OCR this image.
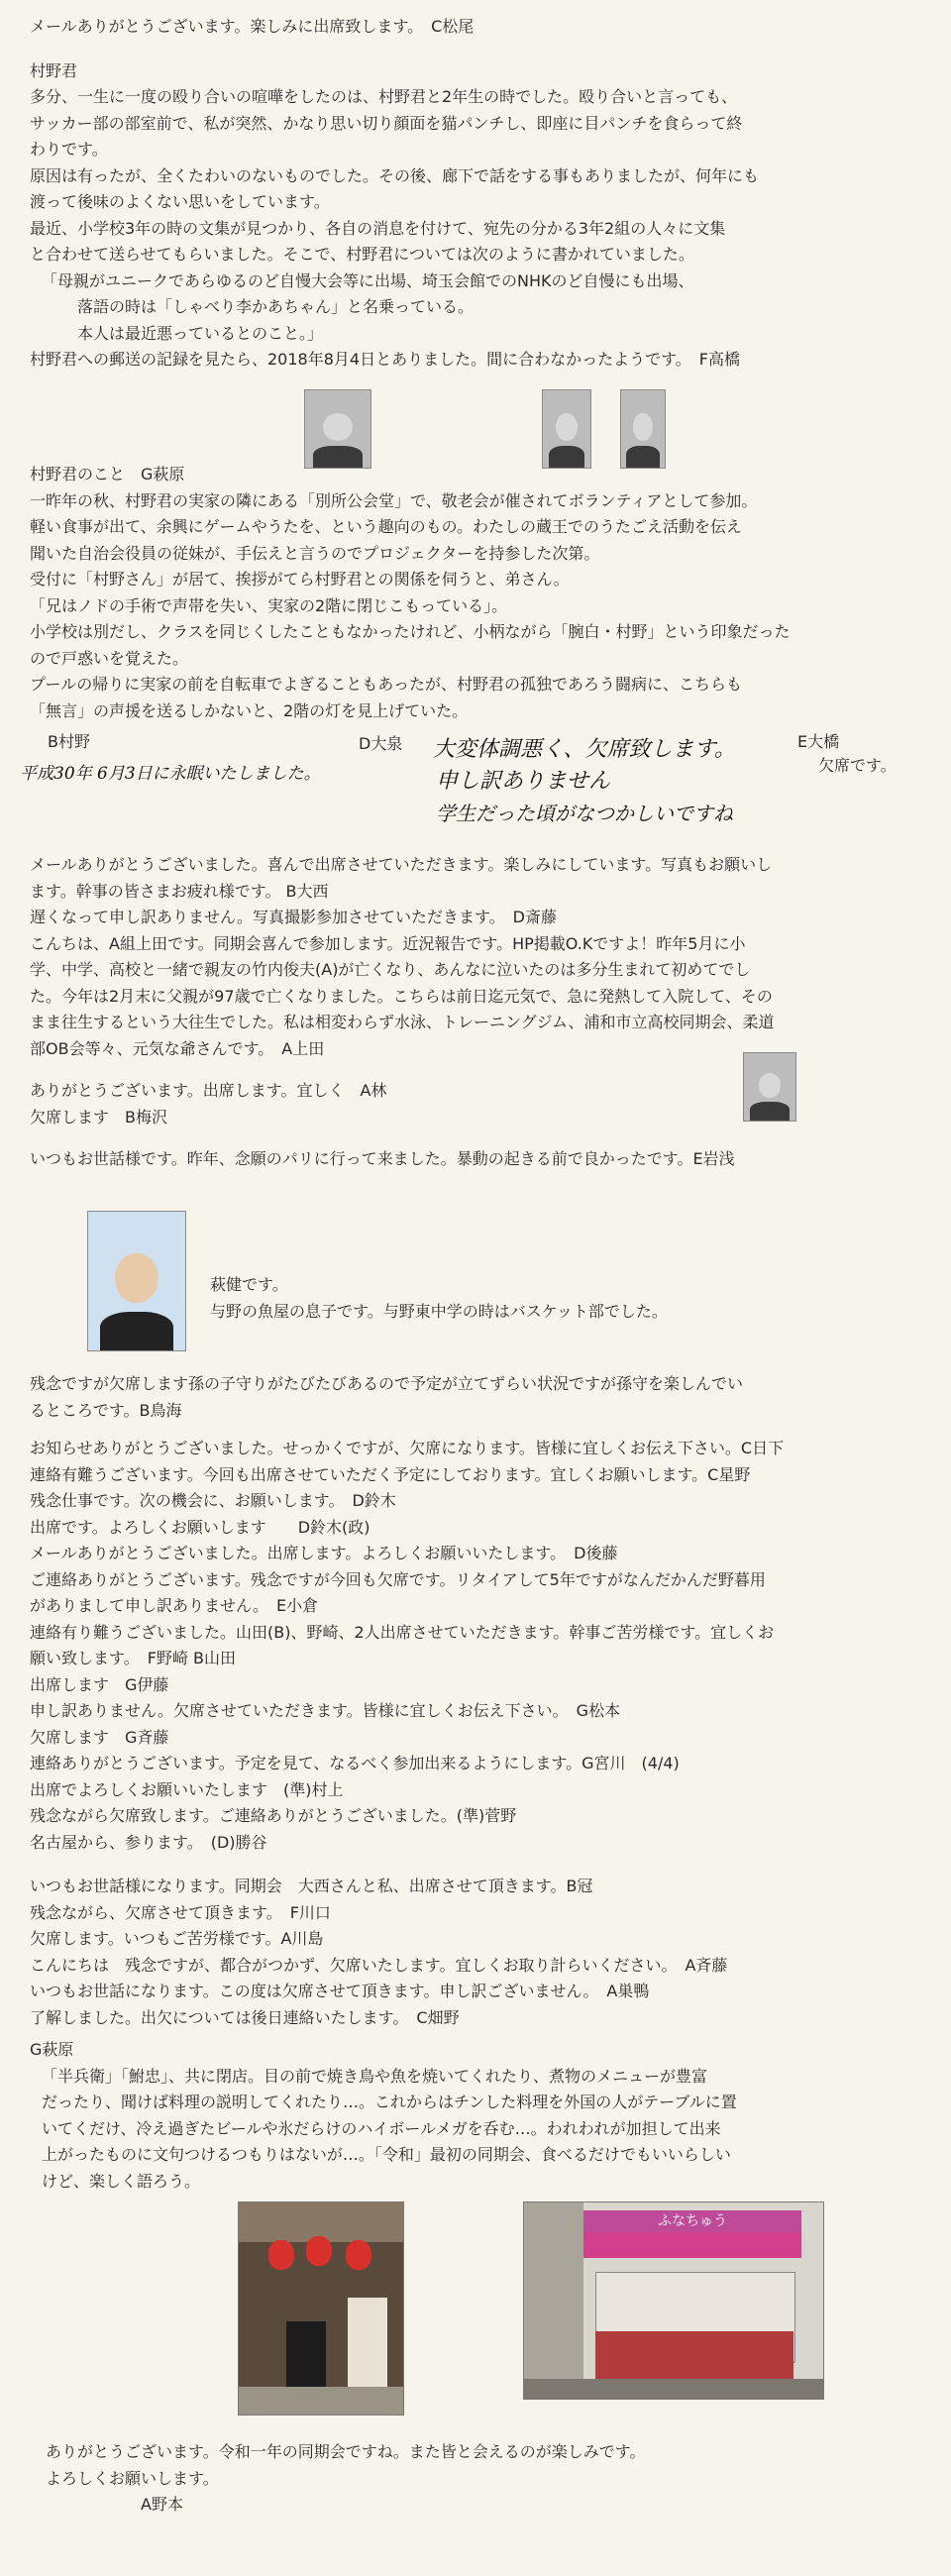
メールありがとうございます。楽しみに出席致します。　C松尾

村野君

多分、一生に一度の殴り合いの喧嘩をしたのは、村野君と2年生の時でした。殴り合いと言っても、

サッカー部の部室前で、私が突然、かなり思い切り顔面を猫パンチし、即座に目パンチを食らって終

わりです。

原因は有ったが、全くたわいのないものでした。その後、廊下で話をする事もありましたが、何年にも

渡って後味のよくない思いをしています。

最近、小学校3年の時の文集が見つかり、各自の消息を付けて、宛先の分かる3年2組の人々に文集

と合わせて送らせてもらいました。そこで、村野君については次のように書かれていました。

「母親がユニークであらゆるのど自慢大会等に出場、埼玉会館でのNHKのど自慢にも出場、

落語の時は「しゃべり李かあちゃん」と名乗っている。

本人は最近悪っているとのこと。」

村野君への郵送の記録を見たら、2018年8月4日とありました。間に合わなかったようです。　F高橋

村野君のこと　G萩原

一昨年の秋、村野君の実家の隣にある「別所公会堂」で、敬老会が催されてボランティアとして参加。

軽い食事が出て、余興にゲームやうたを、という趣向のもの。わたしの蔵王でのうたごえ活動を伝え

聞いた自治会役員の従妹が、手伝えと言うのでプロジェクターを持参した次第。

受付に「村野さん」が居て、挨拶がてら村野君との関係を伺うと、弟さん。

「兄はノドの手術で声帯を失い、実家の2階に閉じこもっている」。

小学校は別だし、クラスを同じくしたこともなかったけれど、小柄ながら「腕白・村野」という印象だった

ので戸惑いを覚えた。

プールの帰りに実家の前を自転車でよぎることもあったが、村野君の孤独であろう闘病に、こちらも

「無言」の声援を送るしかないと、2階の灯を見上げていた。

B村野
平成30年 6月3日に永眠いたしました。
D大泉 大変体調悪く、欠席致します。
申し訳ありません
学生だった頃がなつかしいですね
E大橋
欠席です。

メールありがとうございました。喜んで出席させていただきます。楽しみにしています。写真もお願いし

ます。幹事の皆さまお疲れ様です。 B大西

遅くなって申し訳ありません。写真撮影参加させていただきます。　D斎藤

こんちは、A組上田です。同期会喜んで参加します。近況報告です。HP掲載O.Kですよ！昨年5月に小

学、中学、高校と一緒で親友の竹内俊夫(A)が亡くなり、あんなに泣いたのは多分生まれて初めてでし

た。今年は2月末に父親が97歳で亡くなりました。こちらは前日迄元気で、急に発熱して入院して、その

まま往生するという大往生でした。私は相変わらず水泳、トレーニングジム、浦和市立高校同期会、柔道

部OB会等々、元気な爺さんです。　A上田

ありがとうございます。出席します。宜しく　A林

欠席します　B梅沢

いつもお世話様です。昨年、念願のパリに行って来ました。暴動の起きる前で良かったです。E岩浅

萩健です。

与野の魚屋の息子です。与野東中学の時はバスケット部でした。

残念ですが欠席します孫の子守りがたびたびあるので予定が立てずらい状況ですが孫守を楽しんでい

るところです。B鳥海

お知らせありがとうございました。せっかくですが、欠席になります。皆様に宜しくお伝え下さい。C日下

連絡有難うございます。今回も出席させていただく予定にしております。宜しくお願いします。C星野

残念仕事です。次の機会に、お願いします。　D鈴木

出席です。よろしくお願いします　　D鈴木(政)

メールありがとうございました。出席します。よろしくお願いいたします。　D後藤

ご連絡ありがとうございます。残念ですが今回も欠席です。リタイアして5年ですがなんだかんだ野暮用

がありまして申し訳ありません。　E小倉

連絡有り難うございました。山田(B)、野崎、2人出席させていただきます。幹事ご苦労様です。宜しくお

願い致します。　F野崎 B山田

出席します　G伊藤

申し訳ありません。欠席させていただきます。皆様に宜しくお伝え下さい。　G松本

欠席します　G斉藤

連絡ありがとうございます。予定を見て、なるべく参加出来るようにします。G宮川　(4/4)

出席でよろしくお願いいたします　(準)村上

残念ながら欠席致します。ご連絡ありがとうございました。(準)菅野

名古屋から、参ります。　(D)勝谷

いつもお世話様になります。同期会　大西さんと私、出席させて頂きます。B冠

残念ながら、欠席させて頂きます。　F川口

欠席します。いつもご苦労様です。A川島

こんにちは　残念ですが、都合がつかず、欠席いたします。宜しくお取り計らいください。　A斉藤

いつもお世話になります。この度は欠席させて頂きます。申し訳ございません。　A巣鴨

了解しました。出欠については後日連絡いたします。　C畑野

G萩原

「半兵衛」「鮒忠」、共に閉店。目の前で焼き鳥や魚を焼いてくれたり、煮物のメニューが豊富

だったり、聞けば料理の説明してくれたり…。これからはチンした料理を外国の人がテーブルに置

いてくだけ、冷え過ぎたビールや氷だらけのハイボールメガを呑む…。われわれが加担して出来

上がったものに文句つけるつもりはないが…。「令和」最初の同期会、食べるだけでもいいらしい

けど、楽しく語ろう。

ふなちゅう

ありがとうございます。令和一年の同期会ですね。また皆と会えるのが楽しみです。

よろしくお願いします。

A野本
